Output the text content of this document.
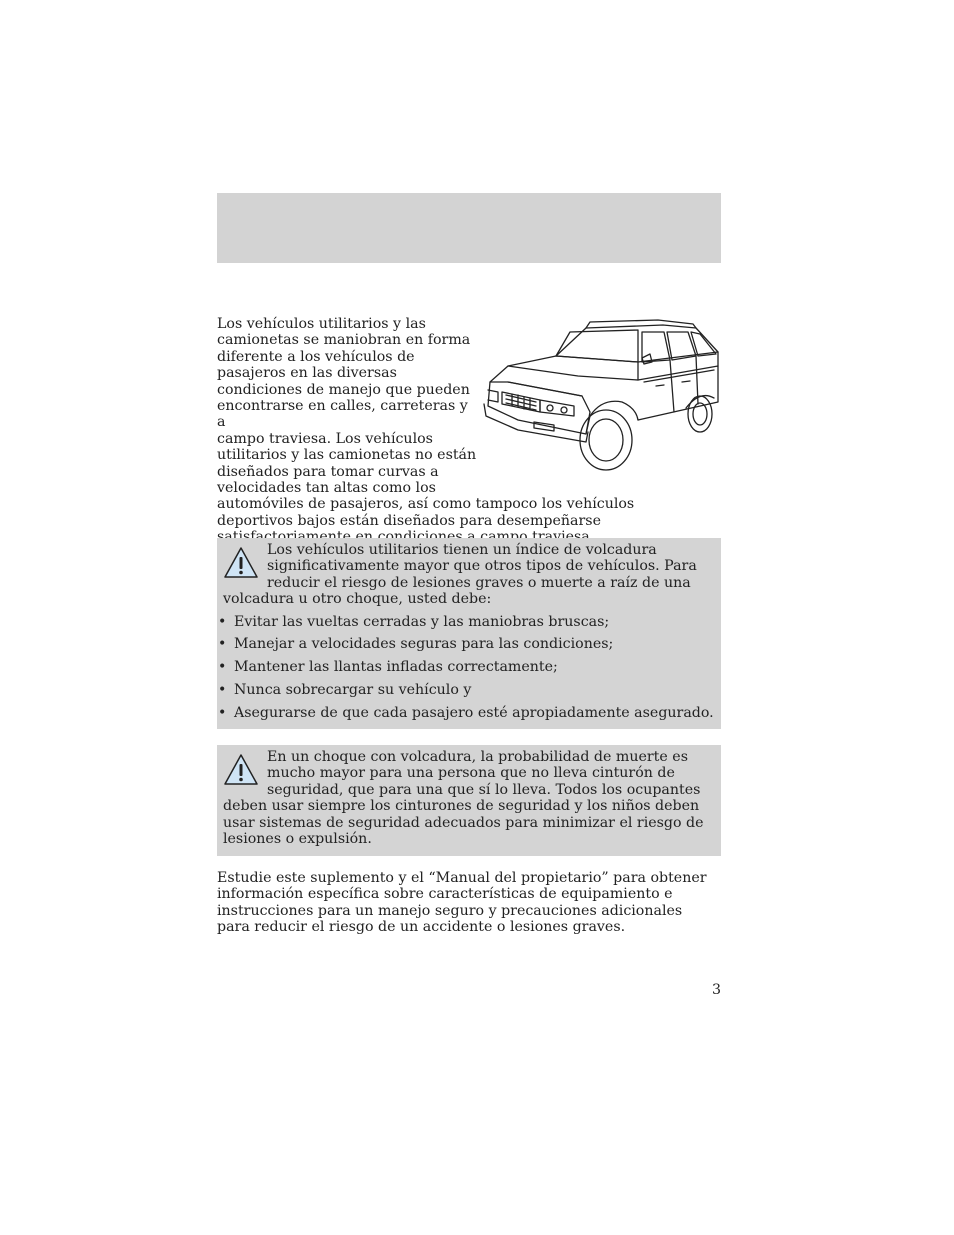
Los vehículos utilitarios y las
camionetas se maniobran en forma
diferente a los vehículos de
pasajeros en las diversas
condiciones de manejo que pueden
encontrarse en calles, carreteras y a
campo traviesa. Los vehículos
utilitarios y las camionetas no están
diseñados para tomar curvas a
velocidades tan altas como los
automóviles de pasajeros, así como tampoco los vehículos deportivos bajos están diseñados para desempeñarse

Los vehículos utilitarios tienen un índice de volcadura significativamente mayor que otros tipos de vehículos. Para reducir el riesgo de lesiones graves o muerte a raíz de una volcadura u otro choque, usted debe:

• Evitar las vueltas cerradas y las maniobras bruscas;
• Manejar a velocidades seguras para las condiciones;
• Mantener las llantas infladas correctamente;
• Nunca sobrecargar su vehículo y
• Asegurarse de que cada pasajero esté apropiadamente asegurado.

En un choque con volcadura, la probabilidad de muerte es mucho mayor para una persona que no lleva cinturón de seguridad, que para una que sí lo lleva. Todos los ocupantes deben usar siempre los cinturones de seguridad y los niños deben usar sistemas de seguridad adecuados para minimizar el riesgo de lesiones o expulsión.

Estudie este suplemento y el “Manual del propietario” para obtener información específica sobre características de equipamiento e instrucciones para un manejo seguro y precauciones adicionales para reducir el riesgo de un accidente o lesiones graves.
3
